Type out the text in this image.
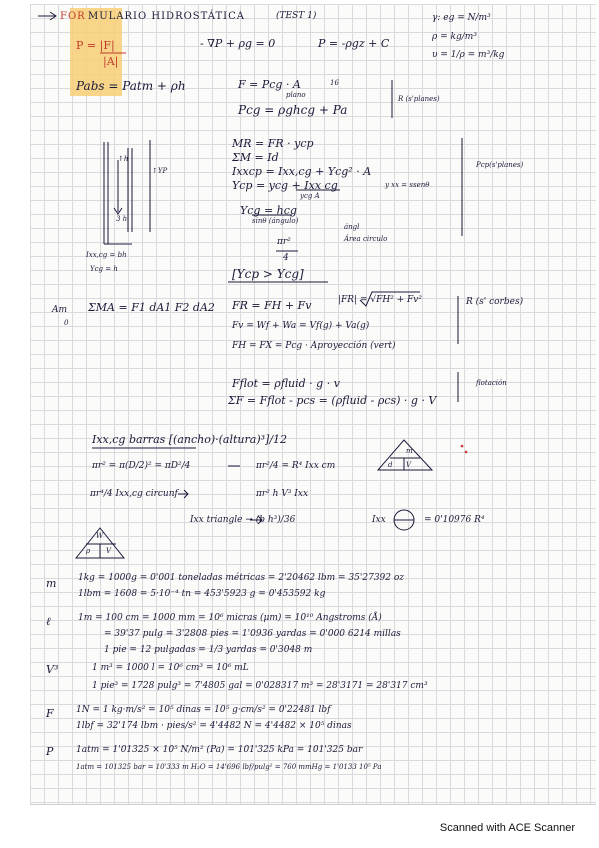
FOR MULARIO HIDROSTÁTICA	(TEST 1)	γ: eg = N/m³
ρ = kg/m³
υ = 1/ρ = m³/kg
P = |F|
|A|
- ∇P + ρg = 0	P = -ρgz + C
Pabs = Patm + ρh	F = Pcg · A
plano
16
Pcg = ρghcg + Pa
R (s'planes)
MR = FR · ycp
ΣM = Id
Ixxcp = Ixx,cg + Ycg² · A
Ycp = ycg + Ixx cg
ycg A
y xx = ssenθ
Ycg = hcg
sinθ (ángulo)
ángl
Área circulo
πr²
4
[Ycp > Ycg]
Pcp(s'planes)
↑h
↑YP
3 h
Ixx,cg = bh
Ycg = h
Am
0
ΣMA = F1 dA1 F2 dA2 FR = FH + Fv	|FR| = √FH² + Fv²	R (s' corbes)
Fv = Wf + Wa = Vf(g) + Va(g)
FH = FX = Pcg · Aproyección (vert)
Fflot = ρfluid · g · v
ΣF = Fflot - pcs = (ρfluid - ρcs) · g · V
flotación
Ixx,cg barras [(ancho)·(altura)³]/12
πr² = π(D/2)² = πD²/4	πr²/4 = R⁴ Ixx cm
πr⁴/4 Ixx,cg circunf	πr² h V³ Ixx
Ixx triangle → (b h³)/36	Ixx	= 0'10976 R⁴
m
d V
W
ρ V
m 1kg = 1000g = 0'001 toneladas métricas = 2'20462 lbm = 35'27392 oz
1lbm = 1608 = 5·10⁻⁴ tn = 453'5923 g = 0'453592 kg
ℓ	1m = 100 cm = 1000 mm = 10⁶ micras (μm) = 10¹⁰ Angstroms (Å)
= 39'37 pulg = 3'2808 pies = 1'0936 yardas = 0'000 6214 millas
1 pie = 12 pulgadas = 1/3 yardas = 0'3048 m
V³	1 m³ = 1000 l = 10⁶ cm³ = 10⁶ mL
1 pie³ = 1728 pulg³ = 7'4805 gal = 0'028317 m³ = 28'3171 = 28'317 cm³
F 1N = 1 kg·m/s² = 10⁵ dinas = 10⁵ g·cm/s² = 0'22481 lbf
1lbf = 32'174 lbm · pies/s² = 4'4482 N = 4'4482 × 10⁵ dinas
P	1atm = 1'01325 × 10⁵ N/m² (Pa) = 101'325 kPa = 101'325 bar
1atm = 101325 bar = 10'333 m H₂O = 14'696 lbf/pulg² = 760 mmHg = 1'0133 10⁵ Pa
Scanned with ACE Scanner
